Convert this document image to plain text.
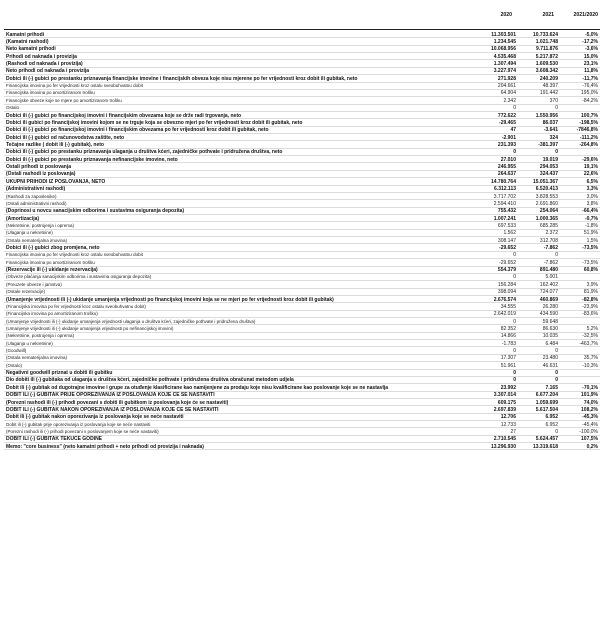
2020	2021	2021/2020
Kamatni prihodi	11.303.501	10.733.624	-5,0%
(Kamatni rashodi)	1.234.545	1.021.748	-17,2%
Neto kamatni prihodi	10.068.956	9.711.876	-3,6%
Prihodi od naknada i provizija	4.535.468	5.217.872	15,0%
(Rashodi od naknada i provizija)	1.307.494	1.609.530	23,1%
Neto prihodi od naknada i provizija	3.227.974	3.608.342	11,8%
Dobici ili (-) gubici po prestanku priznavanja financijske imovine i financijskih obveza koje nisu mjerene po fer vrijednosti kroz dobit ili gubitak, neto	271.928	240.209	-11,7%
Financijska imovina po fer vrijednosti kroz ostalu sveobuhvatnu dobit	204.661	48.397	-76,4%
Financijska imovina po amortiziranom trošku	64.904	191.442	195,0%
Financijske obveze koje se mjere po amortiziranom trošku	2.342	370	-84,2%
Ostalo	0	0
Dobici ili (-) gubici po financijskoj imovini i financijskim obvezama koje se drže radi trgovanja, neto	772.622	1.550.956	100,7%
Dobici ili gubici po financijskoj imovini kojom se ne trguje koja se obvezno mjeri po fer vrijednosti kroz dobit ili gubitak, neto	-29.465	86.037	-198,5%
Dobici ili (-) gubici po financijskoj imovini i financijskim obvezama po fer vrijednosti kroz dobit ili gubitak, neto	47	-3.641	-7846,8%
Dobici ili (-) gubici od računovodstva zaštite, neto	-2.901	324	-111,2%
Tečajne razlike ( dobit ili (-) gubitak), neto	231.393	-381.397	-264,8%
Dobici ili (-) gubici po prestanku priznavanja ulaganja u društva kćeri, zajedničke pothvate i pridružena društva, neto	0	0
Dobici ili (-) gubici po prestanku priznavanja nefinancijske imovine, neto	27.010	19.019	-29,6%
Ostali prihodi iz poslovanja	246.955	294.053	19,1%
(Ostali rashodi iz poslovanja)	264.637	324.437	22,6%
UKUPNI PRIHODI IZ POSLOVANJA, NETO	14.780.764	15.051.367	6,5%
(Administrativni rashodi)	6.312.113	6.520.413	3,3%
(Rashodi za zaposlenike)	3.717.702	3.828.553	3,0%
(Ostali administrativni rashodi)	2.594.410	2.691.860	3,8%
(Doprinosi u novcu sanacijskim odborima i sustavima osiguranja depozita)	755.432	254.064	-66,4%
(Amortizacija)	1.007.241	1.000.365	-0,7%
(Nekretnine, postrojenja i oprema)	697.533	685.285	-1,8%
(Ulaganja u nekretnine)	1.562	2.372	51,9%
(Ostala nematerijalna imovina)	308.147	312.708	1,5%
Dobici ili (-) gubici zbog promjena, neto	-29.652	-7.862	-73,5%
Financijska imovina po fer vrijednosti kroz ostalu sveobuhvatnu dobit	0	0
Financijska imovina po amortiziranom trošku	-29.652	-7.862	-73,5%
(Rezervacije ili (-) ukidanje rezervacija)	554.379	891.480	60,8%
(Obveze plaćanja sanacijskim odborima i sustavima osiguranja depozita)	0	5.001
(Preuzete obveze i jamstva)	156.284	162.402	3,9%
(Ostale rezervacije)	398.094	724.077	81,9%
(Umanjenje vrijednosti ili (-) ukidanje umanjenja vrijednosti po financijskoj imovini koja se ne mjeri po fer vrijednosti kroz dobit ili gubitak)	2.676.574	460.869	-82,8%
(Financijska imovina po fer vrijednosti kroz ostalu sveobuhvatnu dobit)	34.555	26.280	-23,9%
(Financijska imovina po amortiziranom trošku)	2.642.019	434.590	-83,6%
(Umanjenje vrijednosti ili (-) ukidanje umanjenja vrijednosti ulaganja u društva kćeri, zajedničke pothvate i pridružena društva)	0	59.648
(Umanjenje vrijednosti ili (-) ukidanje umanjenja vrijednosti po nefinancijskoj imovini)	82.352	86.630	5,2%
(Nekretnine, postrojenja i oprema)	14.866	10.035	-32,5%
(Ulaganja u nekretnine)	-1.783	6.484	-463,7%
(Goodwill)	0	0
(Ostala nematerijalna imovina)	17.307	23.480	35,7%
(Ostalo)	51.961	46.631	-10,3%
Negativni goodwill priznat u dobiti ili gubitku	0	0
Dio dobiti ili (-) gubitaka od ulaganja u društva kćeri, zajedničke pothvate i pridružena društva obračunat metodom udjela	0	0
Dobit ili (-) gubitak od dugotrajne imovine i grupe za otuđenje klasificirane kao namijenjene za prodaju koje nisu kvalificirane kao poslovanje koje se ne nastavlja	23.992	7.165	-70,1%
DOBIT ILI (-) GUBITAK PRIJE OPOREZIVANJA IZ POSLOVANJA KOJE ĆE SE NASTAVITI	3.307.014	6.677.204	101,9%
(Porezni rashodi ili (-) prihodi povezani s dobiti ili gubitkom iz poslovanja koje će se nastaviti)	609.175	1.059.699	74,0%
DOBIT ILI (-) GUBITAK NAKON OPOREZIVANJA IZ POSLOVANJA KOJE ĆE SE NASTAVITI	2.697.839	5.617.504	108,2%
Dobit ili (-) gubitak nakon oporezivanja iz poslovanja koje se neće nastaviti	12.706	6.952	-45,3%
Dobit ili (-) gubitak prije oporezivanja iz poslovanja koje se neće nastaviti	12.733	6.952	-45,4%
(Porezni rashodi ili (-) prihodi povezani s poslovanjem koje se neće nastaviti)	27	0	-100,0%
DOBIT ILI (-) GUBITAK TEKUĆE GODINE	2.710.545	5.624.457	107,5%
Memo: "core business" (neto kamatni prihodi + neto prihodi od provizija i naknada)	13.296.930	13.319.618	0,2%
